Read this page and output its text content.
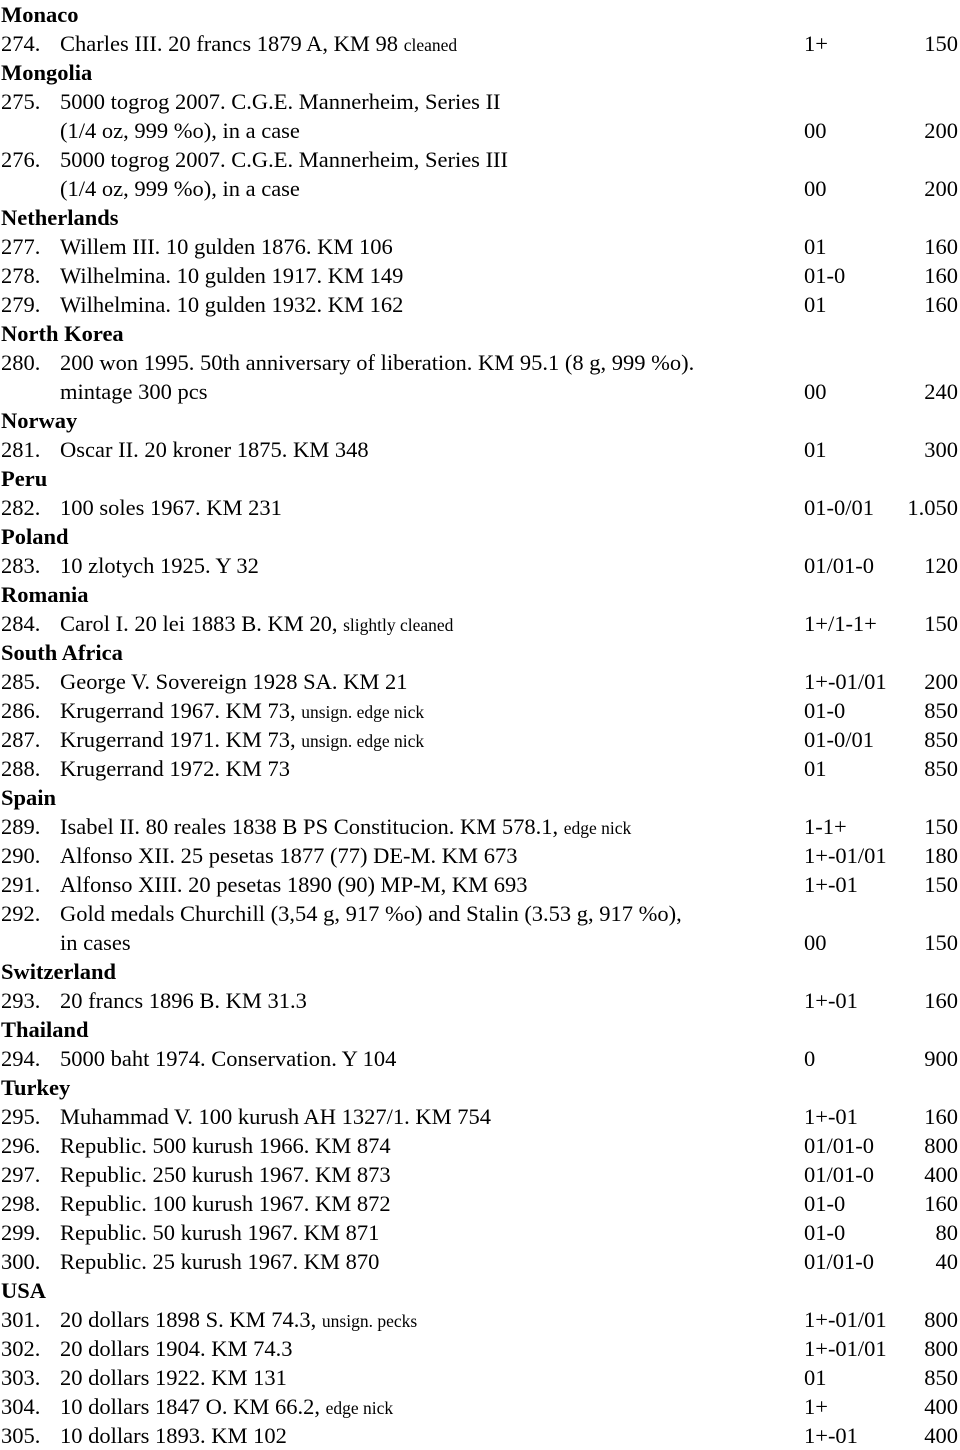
Monaco
274. Charles III. 20 francs 1879 A, KM 98 cleaned	1+	150
Mongolia
275. 5000 togrog 2007. C.G.E. Mannerheim, Series II
(1/4 oz, 999 %o), in a case	00	200
276. 5000 togrog 2007. C.G.E. Mannerheim, Series III
(1/4 oz, 999 %o), in a case	00	200
Netherlands
277. Willem III. 10 gulden 1876. KM 106	01	160
278. Wilhelmina. 10 gulden 1917. KM 149	01-0	160
279. Wilhelmina. 10 gulden 1932. KM 162	01	160
North Korea
280. 200 won 1995. 50th anniversary of liberation. KM 95.1 (8 g, 999 %o).
mintage 300 pcs	00	240
Norway
281. Oscar II. 20 kroner 1875. KM 348	01	300
Peru
282. 100 soles 1967. KM 231	01-0/01 1.050
Poland
283. 10 zlotych 1925. Y 32	01/01-0 120
Romania
284. Carol I. 20 lei 1883 B. KM 20, slightly cleaned	1+/1-1+ 150
South Africa
285. George V. Sovereign 1928 SA. KM 21	1+-01/01 200
286. Krugerrand 1967. KM 73, unsign. edge nick	01-0	850
287. Krugerrand 1971. KM 73, unsign. edge nick	01-0/01 850
288. Krugerrand 1972. KM 73	01	850
Spain
289. Isabel II. 80 reales 1838 B PS Constitucion. KM 578.1, edge nick	1-1+	150
290. Alfonso XII. 25 pesetas 1877 (77) DE-M. KM 673	1+-01/01 180
291. Alfonso XIII. 20 pesetas 1890 (90) MP-M, KM 693	1+-01	150
292. Gold medals Churchill (3,54 g, 917 %o) and Stalin (3.53 g, 917 %o),
in cases	00	150
Switzerland
293. 20 francs 1896 B. KM 31.3	1+-01	160
Thailand
294. 5000 baht 1974. Conservation. Y 104	0	900
Turkey
295. Muhammad V. 100 kurush AH 1327/1. KM 754	1+-01	160
296. Republic. 500 kurush 1966. KM 874	01/01-0 800
297. Republic. 250 kurush 1967. KM 873	01/01-0 400
298. Republic. 100 kurush 1967. KM 872	01-0	160
299. Republic. 50 kurush 1967. KM 871	01-0	80
300. Republic. 25 kurush 1967. KM 870	01/01-0	40
USA
301. 20 dollars 1898 S. KM 74.3, unsign. pecks	1+-01/01 800
302. 20 dollars 1904. KM 74.3	1+-01/01 800
303. 20 dollars 1922. KM 131	01	850
304. 10 dollars 1847 O. KM 66.2, edge nick	1+	400
305. 10 dollars 1893. KM 102	1+-01	400
